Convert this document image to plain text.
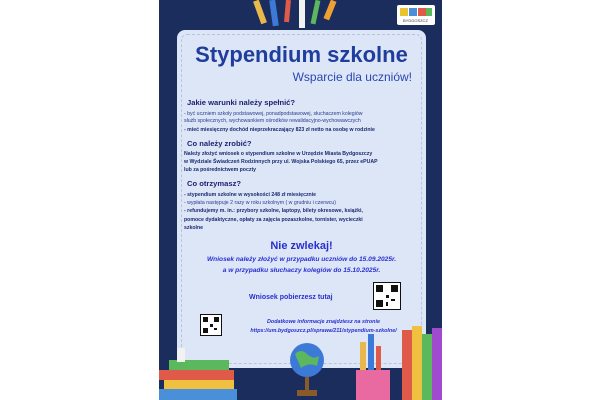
BYDGOSZCZ
Stypendium szkolne
Wsparcie dla uczniów!
Jakie warunki należy spełnić?
- być uczniem szkoły podstawowej, ponadpodstawowej, słuchaczem kolegiów
służb społecznych, wychowankiem ośrodków rewalidacyjno-wychowawczych
- mieć miesięczny dochód nieprzekraczający 823 zł netto na osobę w rodzinie
Co należy zrobić?
Należy złożyć wniosek o stypendium szkolne w Urzędzie Miasta Bydgoszczy
w Wydziale Świadczeń Rodzinnych przy ul. Wojska Polskiego 65, przez ePUAP
lub za pośrednictwem poczty
Co otrzymasz?
- stypendium szkolne w wysokości 248 zł miesięcznie
- wypłata następuje 2 razy w roku szkolnym ( w grudniu i czerwcu)
- refundujemy m. in.: przybory szkolne, laptopy, bilety okresowe, książki,
pomoce dydaktyczne, opłaty za zajęcia pozaszkolne, tornister, wycieczki
szkolne
Nie zwlekaj!
Wniosek należy złożyć w przypadku uczniów do 15.09.2025r.
a w przypadku słuchaczy kolegiów do 15.10.2025r.
Wniosek pobierzesz tutaj
Dodatkowe informacje znajdziesz na stronie
https://um.bydgoszcz.pl/sprawa/211/stypendium-szkolne/
